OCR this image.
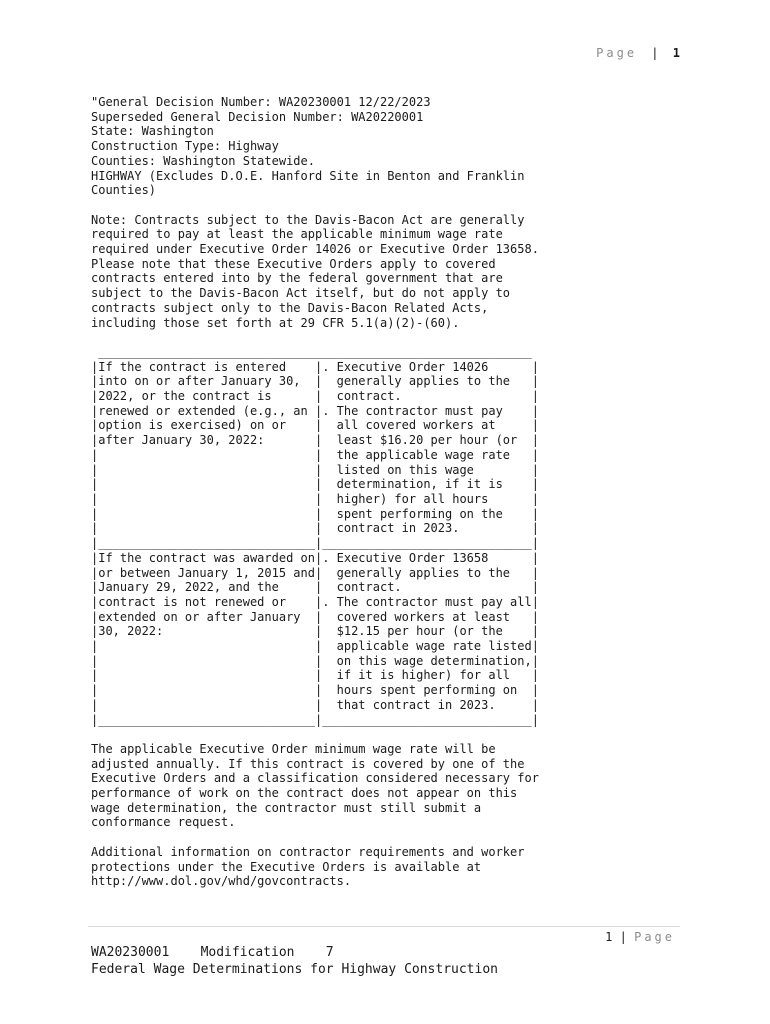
Page | 1
"General Decision Number: WA20230001 12/22/2023
Superseded General Decision Number: WA20220001
State: Washington
Construction Type: Highway
Counties: Washington Statewide.
HIGHWAY (Excludes D.O.E. Hanford Site in Benton and Franklin
Counties)

Note: Contracts subject to the Davis-Bacon Act are generally
required to pay at least the applicable minimum wage rate
required under Executive Order 14026 or Executive Order 13658.
Please note that these Executive Orders apply to covered
contracts entered into by the federal government that are
subject to the Davis-Bacon Act itself, but do not apply to
contracts subject only to the Davis-Bacon Related Acts,
including those set forth at 29 CFR 5.1(a)(2)-(60).

____________________________________________________________
|If the contract is entered    |. Executive Order 14026      |
|into on or after January 30,  |  generally applies to the   |
|2022, or the contract is      |  contract.                  |
|renewed or extended (e.g., an |. The contractor must pay    |
|option is exercised) on or    |  all covered workers at     |
|after January 30, 2022:       |  least $16.20 per hour (or  |
|                              |  the applicable wage rate   |
|                              |  listed on this wage        |
|                              |  determination, if it is    |
|                              |  higher) for all hours      |
|                              |  spent performing on the    |
|                              |  contract in 2023.          |
|______________________________|_____________________________|
|If the contract was awarded on|. Executive Order 13658      |
|or between January 1, 2015 and|  generally applies to the   |
|January 29, 2022, and the     |  contract.                  |
|contract is not renewed or    |. The contractor must pay all|
|extended on or after January  |  covered workers at least   |
|30, 2022:                     |  $12.15 per hour (or the    |
|                              |  applicable wage rate listed|
|                              |  on this wage determination,|
|                              |  if it is higher) for all   |
|                              |  hours spent performing on  |
|                              |  that contract in 2023.     |
|______________________________|_____________________________|

The applicable Executive Order minimum wage rate will be
adjusted annually. If this contract is covered by one of the
Executive Orders and a classification considered necessary for
performance of work on the contract does not appear on this
wage determination, the contractor must still submit a
conformance request.

Additional information on contractor requirements and worker
protections under the Executive Orders is available at
http://www.dol.gov/whd/govcontracts.
1 | Page
WA20230001    Modification    7
Federal Wage Determinations for Highway Construction
